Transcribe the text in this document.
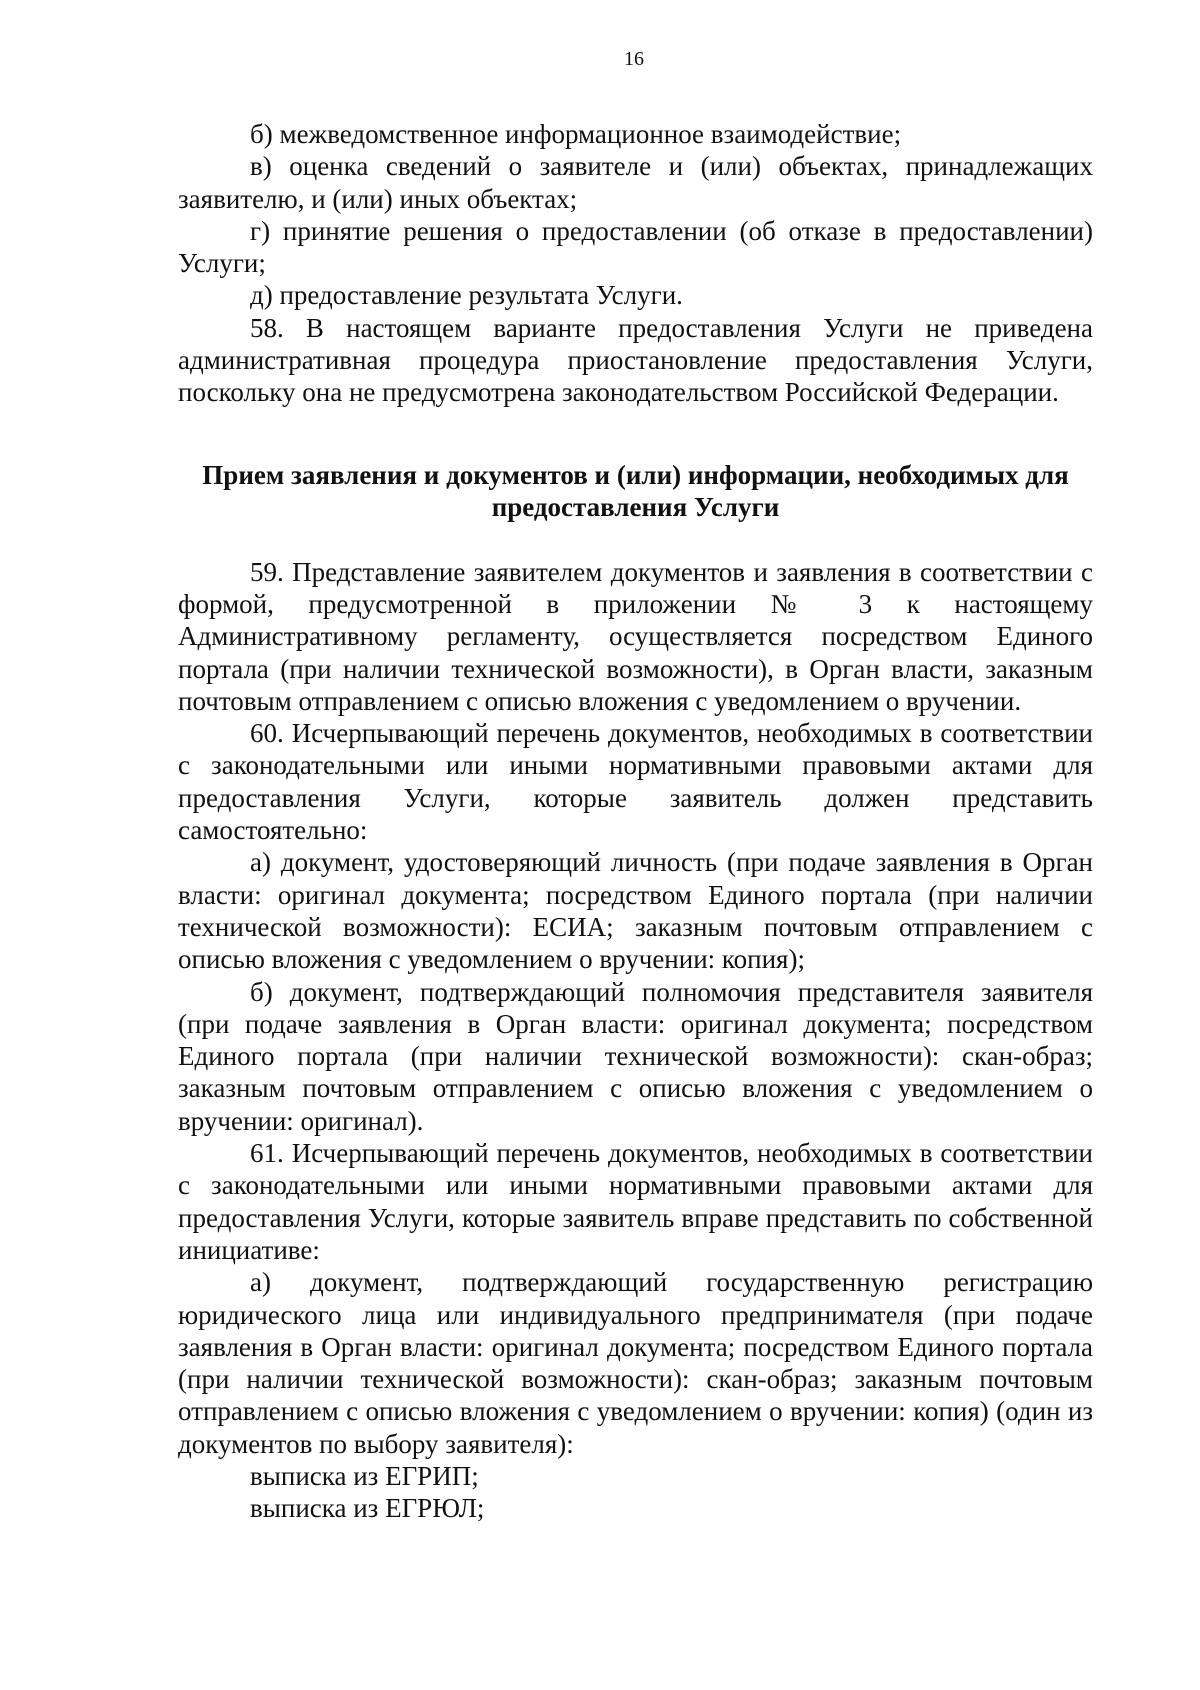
16

б) межведомственное информационное взаимодействие;

в) оценка сведений о заявителе и (или) объектах, принадлежащих заявителю, и (или) иных объектах;

г) принятие решения о предоставлении (об отказе в предоставлении) Услуги;

д) предоставление результата Услуги.

58. В настоящем варианте предоставления Услуги не приведена административная процедура приостановление предоставления Услуги, поскольку она не предусмотрена законодательством Российской Федерации.

Прием заявления и документов и (или) информации, необходимых для предоставления Услуги

59. Представление заявителем документов и заявления в соответствии с формой, предусмотренной в приложении № 3 к настоящему Административному регламенту, осуществляется посредством Единого портала (при наличии технической возможности), в Орган власти, заказным почтовым отправлением с описью вложения с уведомлением о вручении.

60. Исчерпывающий перечень документов, необходимых в соответствии с законодательными или иными нормативными правовыми актами для предоставления Услуги, которые заявитель должен представить самостоятельно:

а) документ, удостоверяющий личность (при подаче заявления в Орган власти: оригинал документа; посредством Единого портала (при наличии технической возможности): ЕСИА; заказным почтовым отправлением с описью вложения с уведомлением о вручении: копия);

б) документ, подтверждающий полномочия представителя заявителя (при подаче заявления в Орган власти: оригинал документа; посредством Единого портала (при наличии технической возможности): скан-образ; заказным почтовым отправлением с описью вложения с уведомлением о вручении: оригинал).

61. Исчерпывающий перечень документов, необходимых в соответствии с законодательными или иными нормативными правовыми актами для предоставления Услуги, которые заявитель вправе представить по собственной инициативе:

а) документ, подтверждающий государственную регистрацию юридического лица или индивидуального предпринимателя (при подаче заявления в Орган власти: оригинал документа; посредством Единого портала (при наличии технической возможности): скан-образ; заказным почтовым отправлением с описью вложения с уведомлением о вручении: копия) (один из документов по выбору заявителя):

выписка из ЕГРИП;

выписка из ЕГРЮЛ;
